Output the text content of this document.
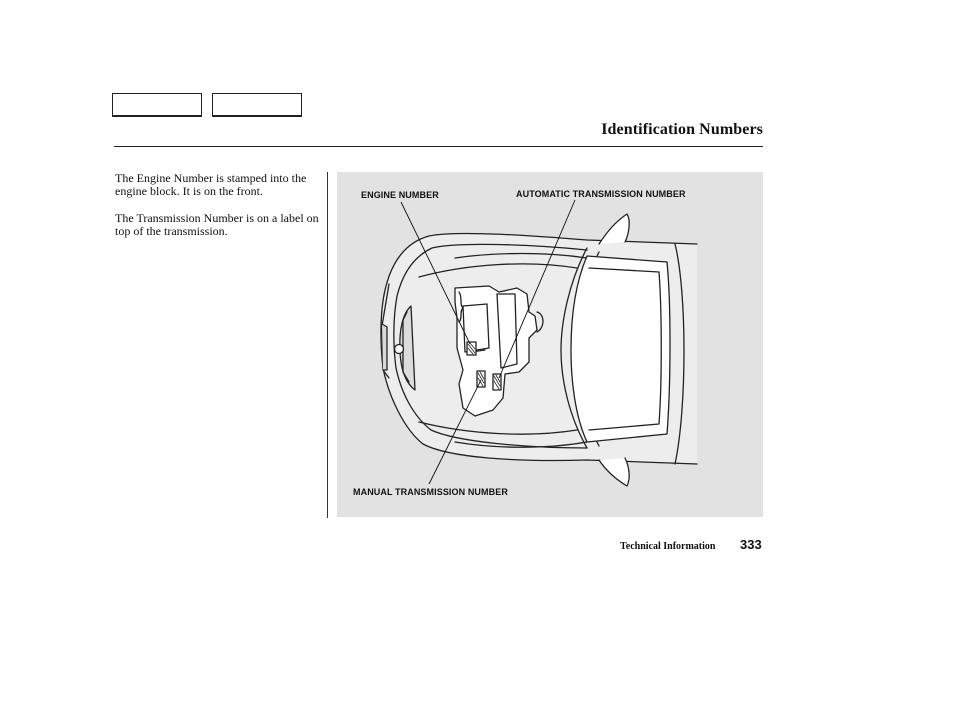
Identification Numbers

The Engine Number is stamped into the engine block. It is on the front.

The Transmission Number is on a label on top of the transmission.

ENGINE NUMBER	AUTOMATIC TRANSMISSION NUMBER
MANUAL TRANSMISSION NUMBER
Technical Information 333
